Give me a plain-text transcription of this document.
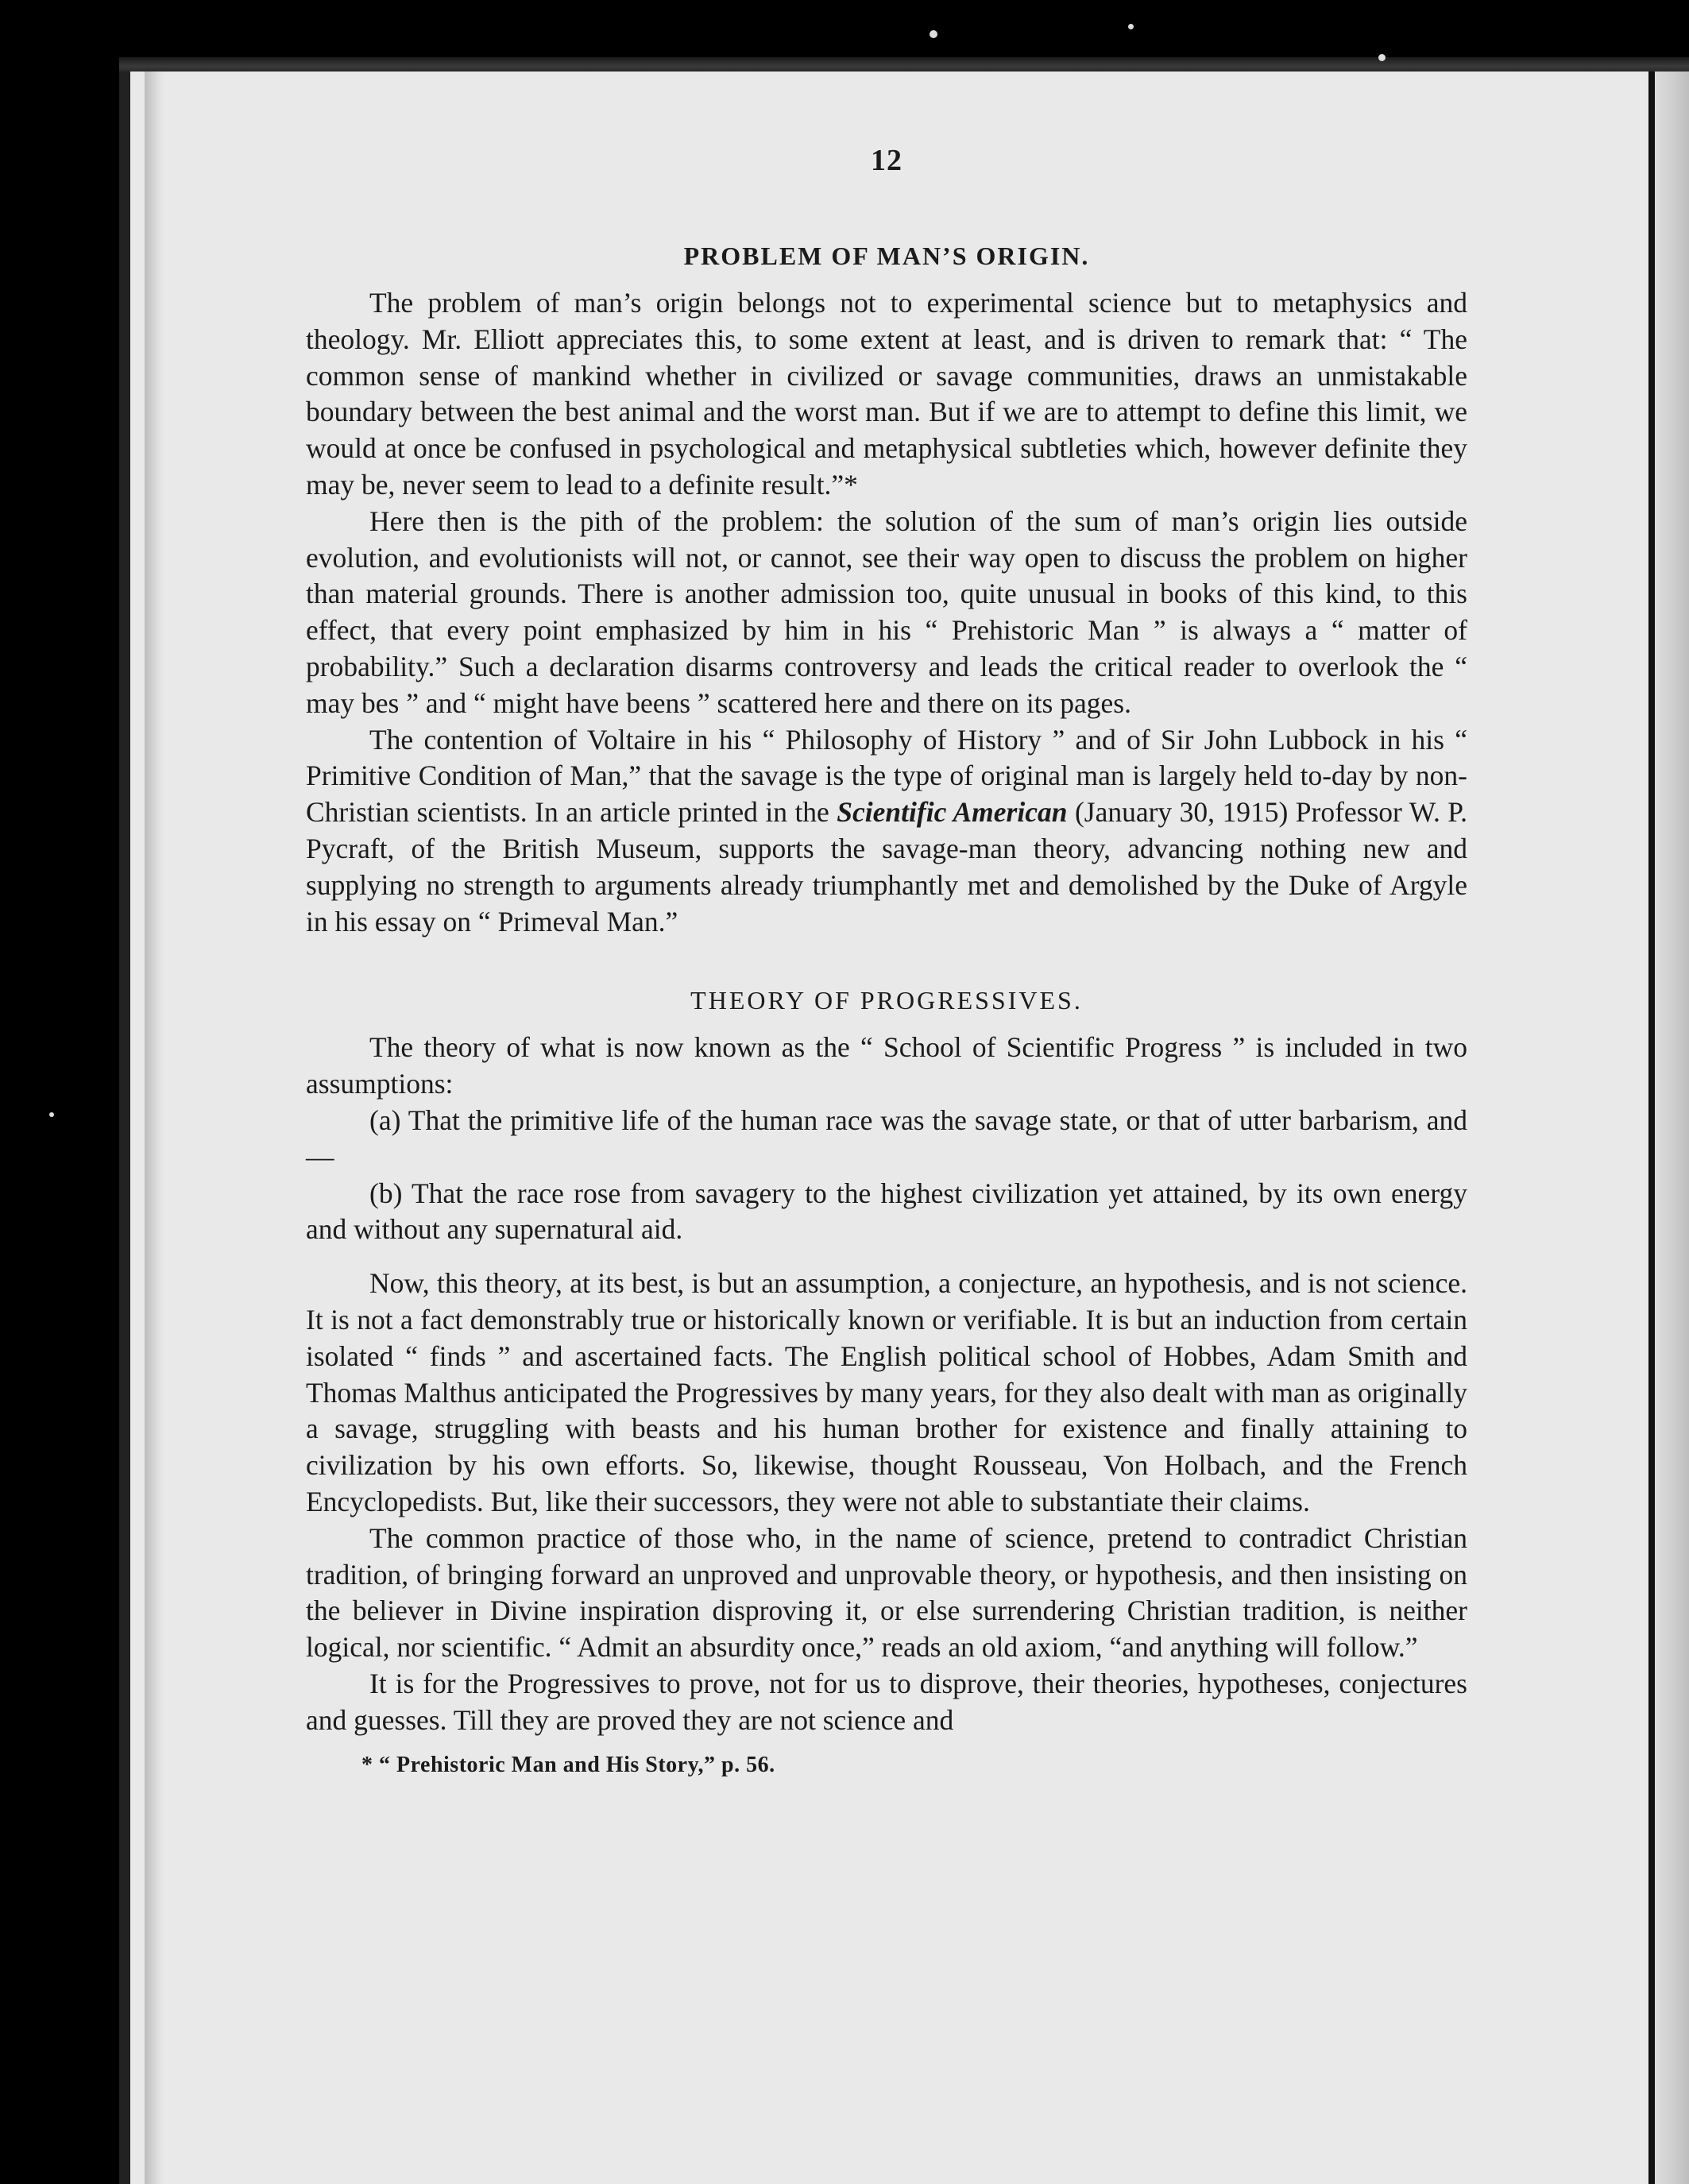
12
PROBLEM OF MAN’S ORIGIN.

The problem of man’s origin belongs not to experimental science but to metaphysics and theology. Mr. Elliott appreciates this, to some extent at least, and is driven to remark that: “ The common sense of mankind whether in civilized or savage communities, draws an unmistakable boundary between the best animal and the worst man. But if we are to attempt to define this limit, we would at once be confused in psychological and metaphysical subtleties which, however definite they may be, never seem to lead to a definite result.”*

Here then is the pith of the problem: the solution of the sum of man’s origin lies outside evolution, and evolutionists will not, or cannot, see their way open to discuss the problem on higher than material grounds. There is another admission too, quite unusual in books of this kind, to this effect, that every point emphasized by him in his “ Prehistoric Man ” is always a “ matter of probability.” Such a declaration disarms controversy and leads the critical reader to overlook the “ may bes ” and “ might have beens ” scattered here and there on its pages.

The contention of Voltaire in his “ Philosophy of History ” and of Sir John Lubbock in his “ Primitive Condition of Man,” that the savage is the type of original man is largely held to-day by non-Christian scientists. In an article printed in the Scientific American (January 30, 1915) Professor W. P. Pycraft, of the British Museum, supports the savage-man theory, advancing nothing new and supplying no strength to arguments already triumphantly met and demolished by the Duke of Argyle in his essay on “ Primeval Man.”

THEORY OF PROGRESSIVES.

The theory of what is now known as the “ School of Scientific Progress ” is included in two assumptions:

(a) That the primitive life of the human race was the savage state, or that of utter barbarism, and—

(b) That the race rose from savagery to the highest civilization yet attained, by its own energy and without any supernatural aid.

Now, this theory, at its best, is but an assumption, a conjecture, an hypothesis, and is not science. It is not a fact demonstrably true or historically known or verifiable. It is but an induction from certain isolated “ finds ” and ascertained facts. The English political school of Hobbes, Adam Smith and Thomas Malthus anticipated the Progressives by many years, for they also dealt with man as originally a savage, struggling with beasts and his human brother for existence and finally attaining to civilization by his own efforts. So, likewise, thought Rousseau, Von Holbach, and the French Encyclopedists. But, like their successors, they were not able to substantiate their claims.

The common practice of those who, in the name of science, pretend to contradict Christian tradition, of bringing forward an unproved and unprovable theory, or hypothesis, and then insisting on the believer in Divine inspiration disproving it, or else surrendering Christian tradition, is neither logical, nor scientific. “ Admit an absurdity once,” reads an old axiom, “and anything will follow.”

It is for the Progressives to prove, not for us to disprove, their theories, hypotheses, conjectures and guesses. Till they are proved they are not science and

* “ Prehistoric Man and His Story,” p. 56.
